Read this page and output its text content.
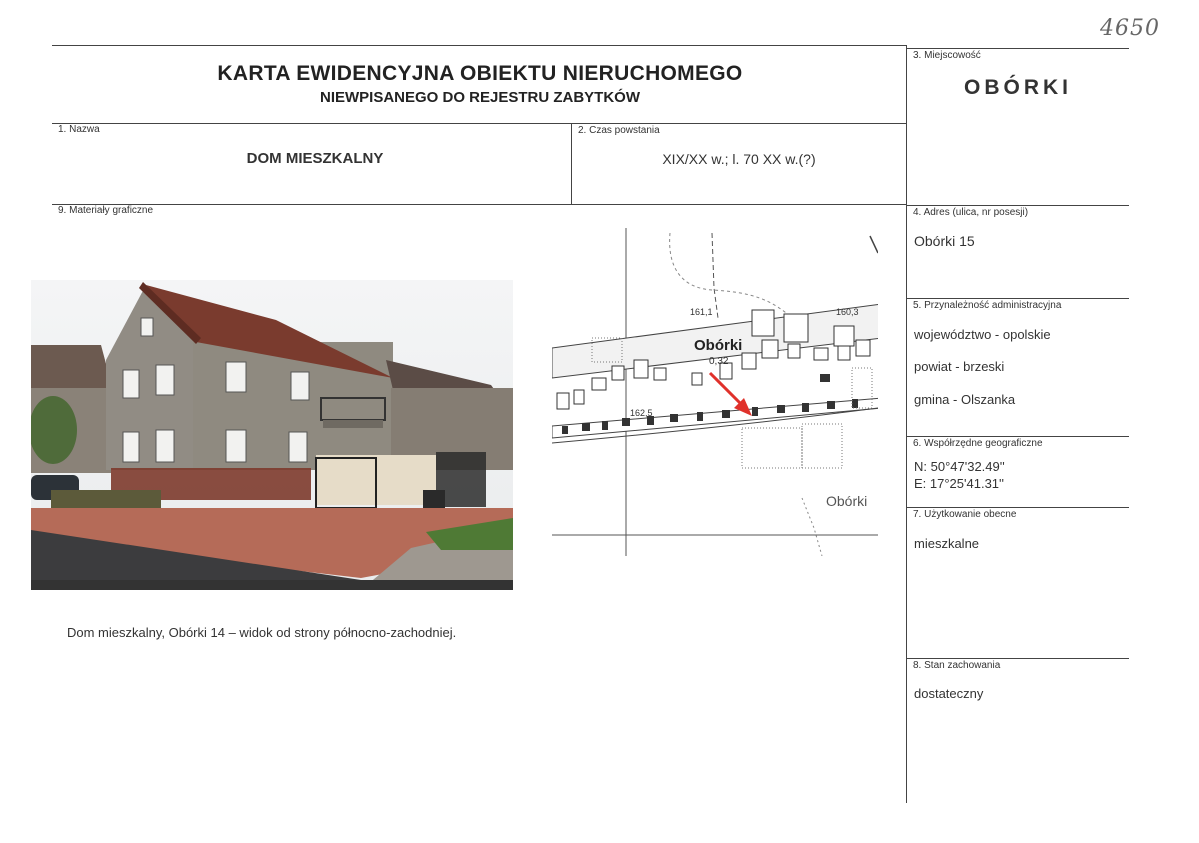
4650
KARTA EWIDENCYJNA OBIEKTU NIERUCHOMEGO
NIEWPISANEGO DO REJESTRU ZABYTKÓW
1. Nazwa
DOM MIESZKALNY
2. Czas powstania
XIX/XX w.; l. 70 XX w.(?)
3. Miejscowość
OBÓRKI
4. Adres (ulica, nr posesji)
Obórki 15
5. Przynależność administracyjna
województwo - opolskie
powiat - brzeski
gmina - Olszanka
6. Współrzędne geograficzne
N: 50°47'32.49''
E: 17°25'41.31''
7. Użytkowanie obecne
mieszkalne
8. Stan zachowania
dostateczny
9. Materiały graficzne
161,1	160,3
Obórki
0,32
162,5
Obórki
Dom mieszkalny, Obórki 14 – widok od strony północno-zachodniej.
